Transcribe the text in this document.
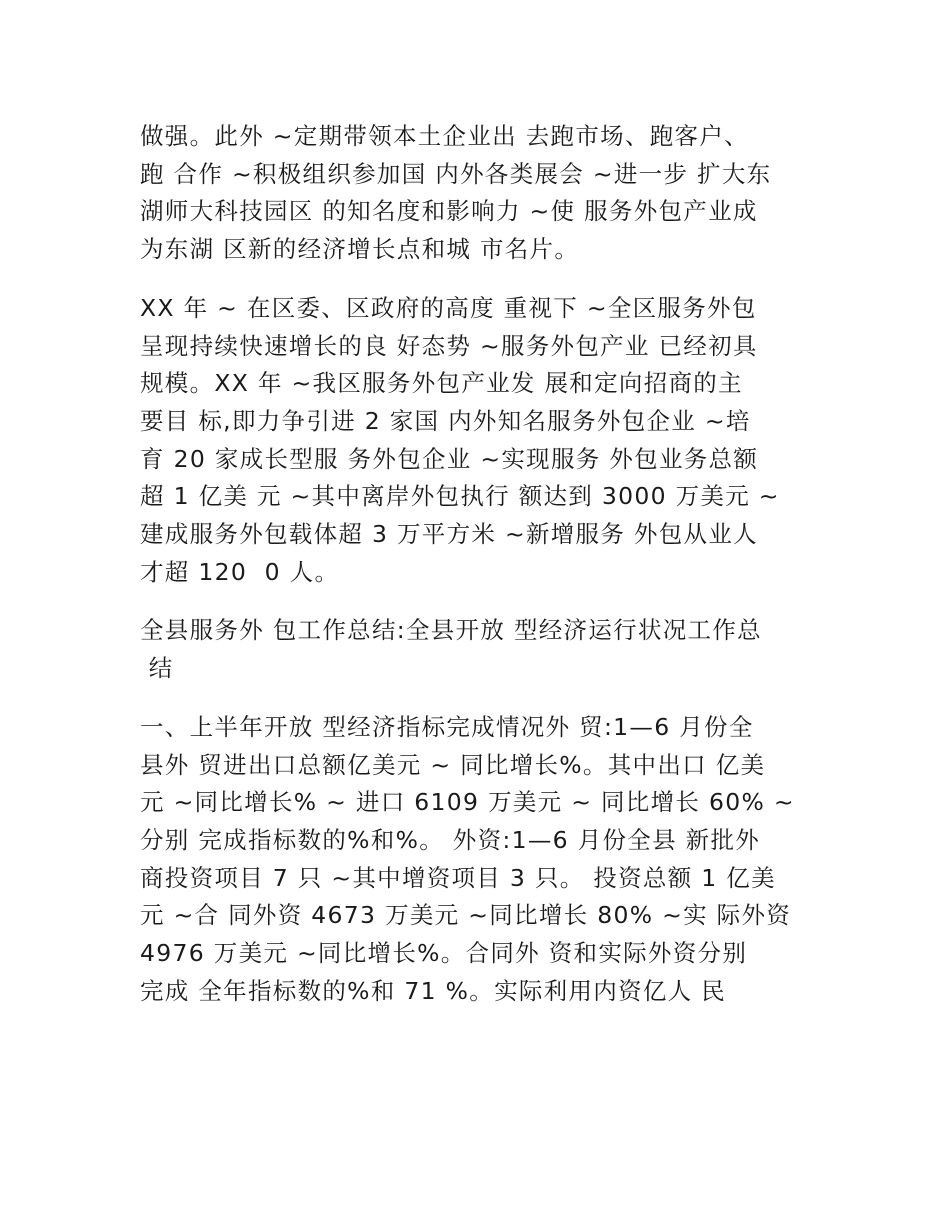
做强。此外 ~定期带领本土企业出 去跑市场、跑客户、
跑 合作 ~积极组织参加国 内外各类展会 ~进一步 扩大东
湖师大科技园区 的知名度和影响力 ~使 服务外包产业成
为东湖 区新的经济增长点和城 市名片。
XX 年 ~ 在区委、区政府的高度 重视下 ~全区服务外包
呈现持续快速增长的良 好态势 ~服务外包产业 已经初具
规模。XX 年 ~我区服务外包产业发 展和定向招商的主
要目 标,即力争引进 2 家国 内外知名服务外包企业 ~培
育 20 家成长型服 务外包企业 ~实现服务 外包业务总额
超 1 亿美 元 ~其中离岸外包执行 额达到 3000 万美元 ~
建成服务外包载体超 3 万平方米 ~新增服务 外包从业人
才超 120  0 人。
全县服务外 包工作总结:全县开放 型经济运行状况工作总
结
一、上半年开放 型经济指标完成情况外 贸:1—6 月份全
县外 贸进出口总额亿美元 ~ 同比增长%。其中出口 亿美
元 ~同比增长% ~ 进口 6109 万美元 ~ 同比增长 60% ~
分别 完成指标数的%和%。 外资:1—6 月份全县 新批外
商投资项目 7 只 ~其中增资项目 3 只。 投资总额 1 亿美
元 ~合 同外资 4673 万美元 ~同比增长 80% ~实 际外资
4976 万美元 ~同比增长%。合同外 资和实际外资分别
完成 全年指标数的%和 71 %。实际利用内资亿人 民
